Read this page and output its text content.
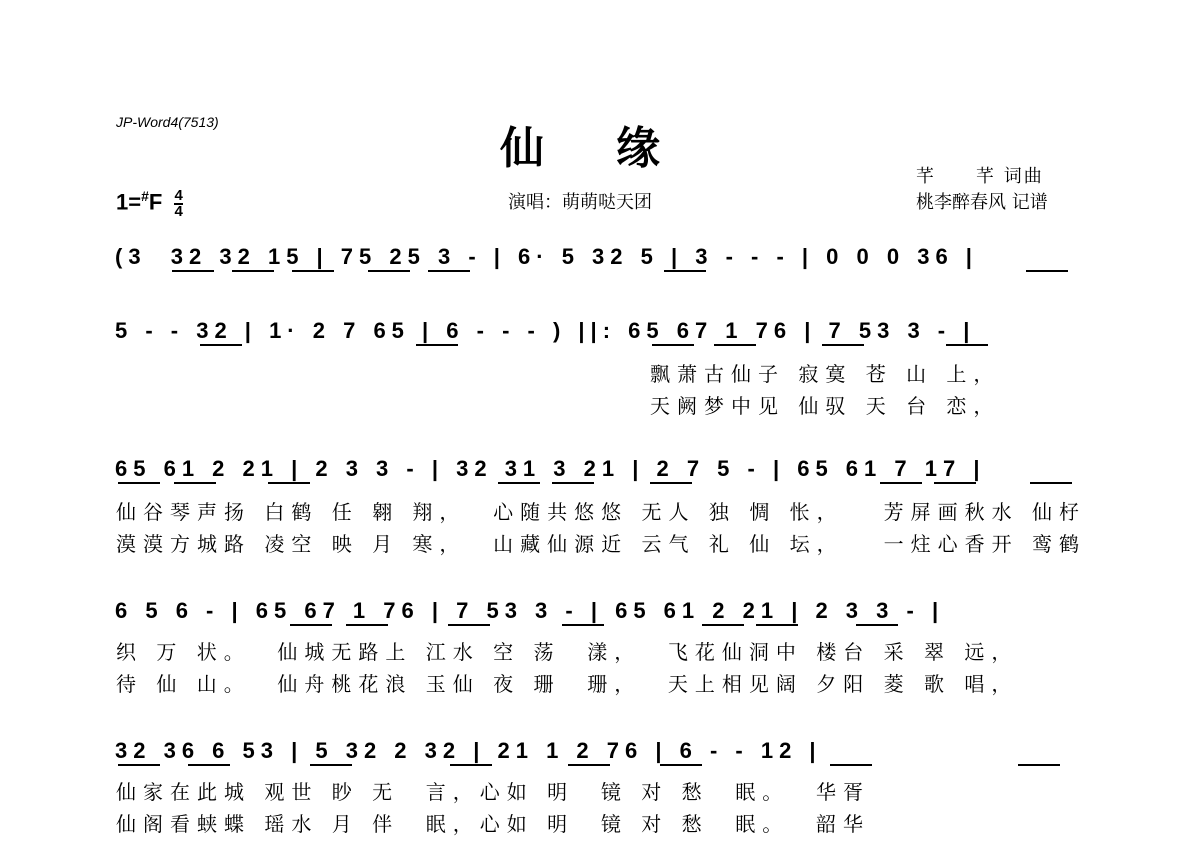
JP-Word4(7513)
仙缘
$1=^{\#}F \frac{4}{4}$	演唱：萌萌哒天团
芊　　芊 词曲
桃李醉春风 记谱
(3  32 32 15 | 75 25 3 - | 6· 5 32 5 | 3 - - - | 0 0 0 36 |
5 - - 32 | 1· 2 7 65 | 6 - - - ) ||: 65 67 1 76 | 7 53 3 - |
飘萧古仙子 寂寞 苍 山 上，
天阙梦中见 仙驭 天 台 恋，
65 61 2 21 | 2 3 3 - | 32 31 3 21 | 2 7 5 - | 65 61 7 17 |
仙谷琴声扬 白鹤 任 翱 翔，  心随共悠悠 无人 独 惆 怅，   芳屏画秋水 仙杍
漠漠方城路 凌空 映 月 寒，  山藏仙源近 云气 礼 仙 坛，   一炷心香开 鸾鹤
6 5 6 - | 65 67 1 76 | 7 53 3 - | 65 61 2 21 | 2 3 3 - |
织 万 状。  仙城无路上 江水 空 荡  漾，  飞花仙洞中 楼台 采 翠 远，
待 仙 山。  仙舟桃花浪 玉仙 夜 珊  珊，  天上相见阔 夕阳 菱 歌 唱，
32 36 6 53 | 5 32 2 32 | 21 1 2 76 | 6 - - 12 |
仙家在此城 观世 眇 无  言，心如 明  镜 对 愁  眠。  华胥
仙阁看蛱蝶 瑶水 月 伴  眠，心如 明  镜 对 愁  眠。  韶华
